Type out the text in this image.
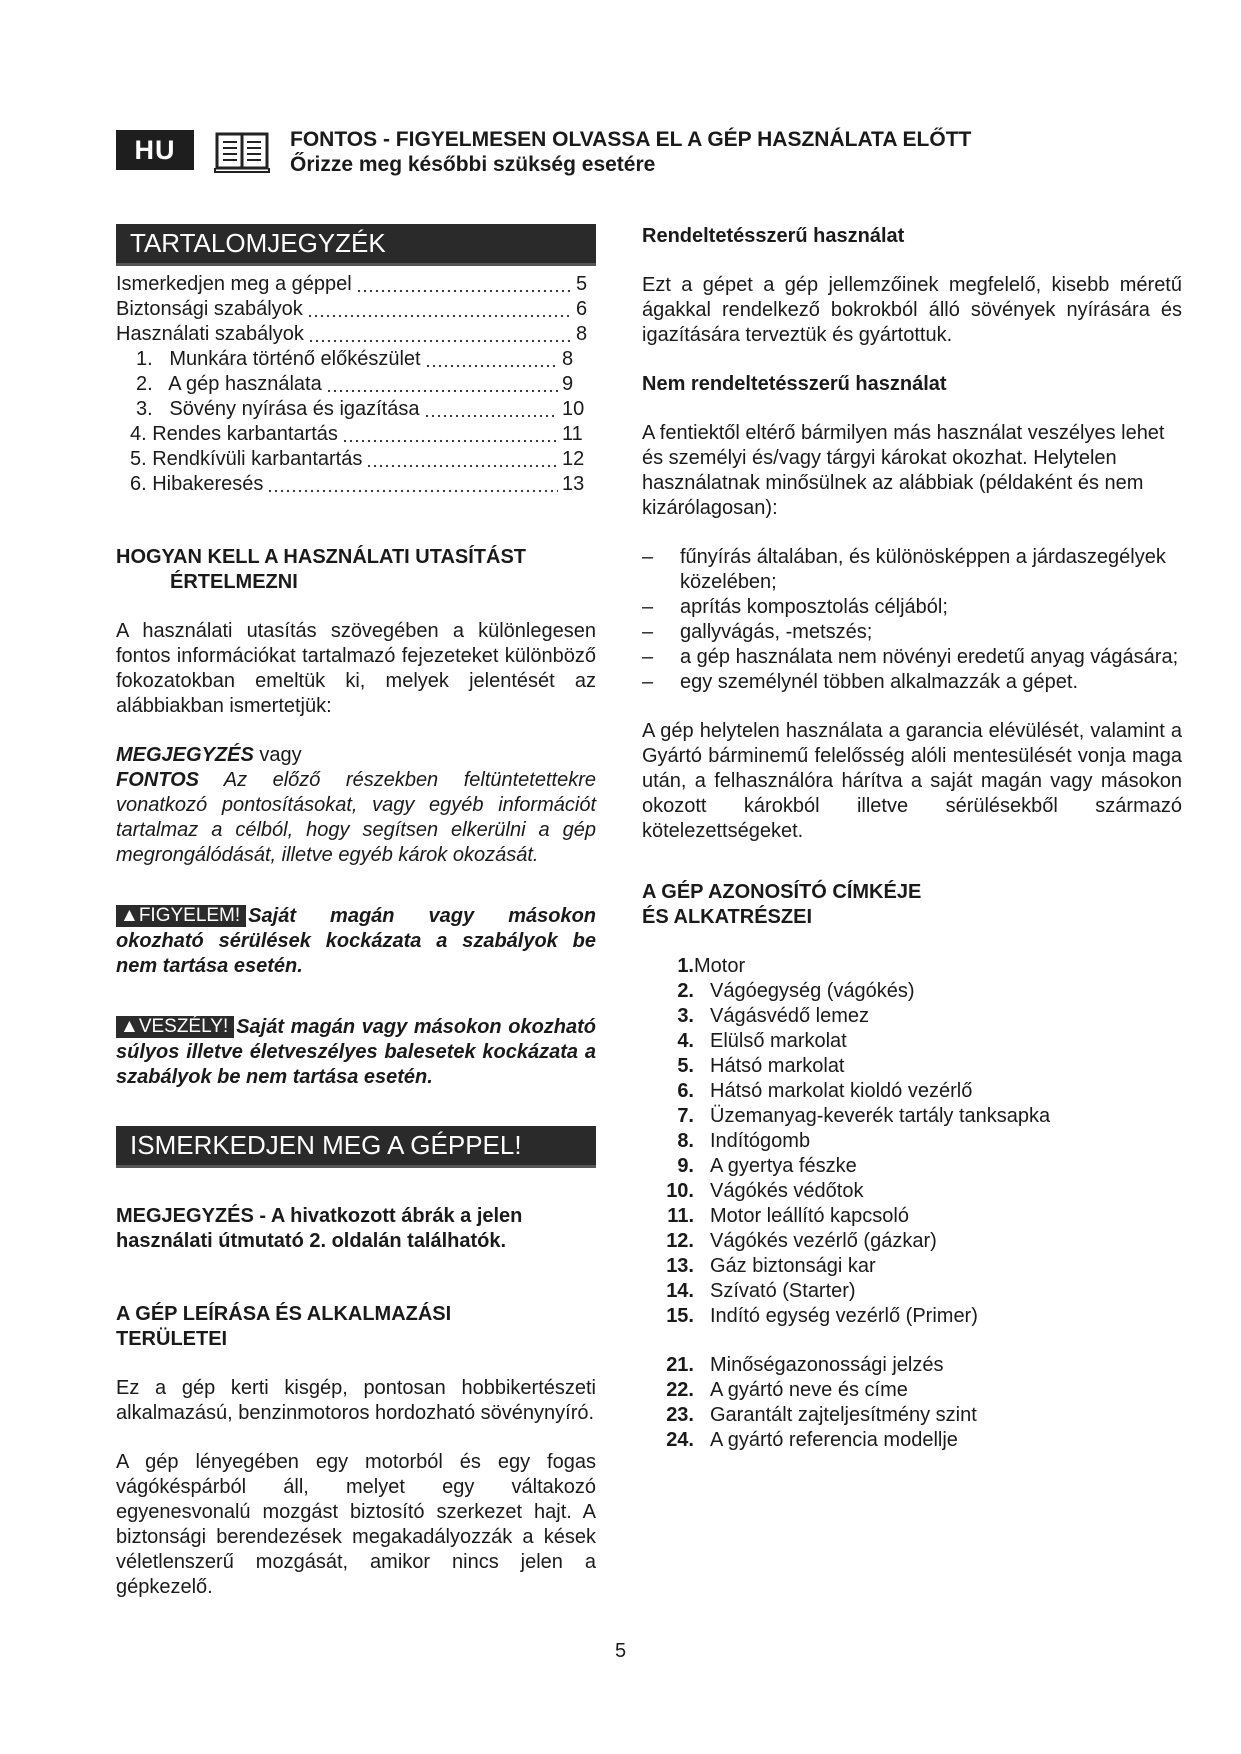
HU	FONTOS - FIGYELMESEN OLVASSA EL A GÉP HASZNÁLATA ELŐTT
Őrizze meg későbbi szükség esetére
TARTALOMJEGYZÉK
Ismerkedjen meg a géppel	5
Biztonsági szabályok	6
Használati szabályok	8
1.   Munkára történő előkészület	8
2.   A gép használata	9
3.   Sövény nyírása és igazítása	10
4. Rendes karbantartás	11
5. Rendkívüli karbantartás	12
6. Hibakeresés	13
HOGYAN KELL A HASZNÁLATI UTASÍTÁST
ÉRTELMEZNI
A használati utasítás szövegében a különlegesen fontos információkat tartalmazó fejezeteket különböző fokozatokban emeltük ki, melyek jelentését az alábbiakban ismertetjük:
MEGJEGYZÉS vagy
FONTOS Az előző részekben feltüntetettekre vonatkozó pontosításokat, vagy egyéb információt tartalmaz a célból, hogy segítsen elkerülni a gép megrongálódását, illetve egyéb károk okozását.
▲FIGYELEM! Saját magán vagy másokon okozható sérülések kockázata a szabályok be nem tartása esetén.
▲VESZÉLY! Saját magán vagy másokon okozható súlyos illetve életveszélyes balesetek kockázata a szabályok be nem tartása esetén.
ISMERKEDJEN MEG A GÉPPEL!
MEGJEGYZÉS - A hivatkozott ábrák a jelen használati útmutató 2. oldalán találhatók.
A GÉP LEÍRÁSA ÉS ALKALMAZÁSI
TERÜLETEI
Ez a gép kerti kisgép, pontosan hobbikertészeti alkalmazású, benzinmotoros hordozható sövénynyíró.
A gép lényegében egy motorból és egy fogas vágókéspárból áll, melyet egy váltakozó egyenesvonalú mozgást biztosító szerkezet hajt. A biztonsági berendezések megakadályozzák a kések véletlenszerű mozgását, amikor nincs jelen a gépkezelő.
Rendeltetésszerű használat
Ezt a gépet a gép jellemzőinek megfelelő, kisebb méretű ágakkal rendelkező bokrokból álló sövények nyírására és igazítására terveztük és gyártottuk.
Nem rendeltetésszerű használat
A fentiektől eltérő bármilyen más használat veszélyes lehet és személyi és/vagy tárgyi károkat okozhat. Helytelen használatnak minősülnek az alábbiak (példaként és nem kizárólagosan):
– fűnyírás általában, és különösképpen a járdaszegélyek közelében;
– aprítás komposztolás céljából;
– gallyvágás, -metszés;
– a gép használata nem növényi eredetű anyag vágására;
– egy személynél többen alkalmazzák a gépet.
A gép helytelen használata a garancia elévülését, valamint a Gyártó bárminemű felelősség alóli mentesülését vonja maga után, a felhasználóra hárítva a saját magán vagy másokon okozott károkból illetve sérülésekből származó kötelezettségeket.
A GÉP AZONOSÍTÓ CÍMKÉJE
ÉS ALKATRÉSZEI
1. Motor
2. Vágóegység (vágókés)
3. Vágásvédő lemez
4. Elülső markolat
5. Hátsó markolat
6. Hátsó markolat kioldó vezérlő
7. Üzemanyag-keverék tartály tanksapka
8. Indítógomb
9. A gyertya fészke
10. Vágókés védőtok
11. Motor leállító kapcsoló
12. Vágókés vezérlő (gázkar)
13. Gáz biztonsági kar
14. Szívató (Starter)
15. Indító egység vezérlő (Primer)
21. Minőségazonossági jelzés
22. A gyártó neve és címe
23. Garantált zajteljesítmény szint
24. A gyártó referencia modellje
5
